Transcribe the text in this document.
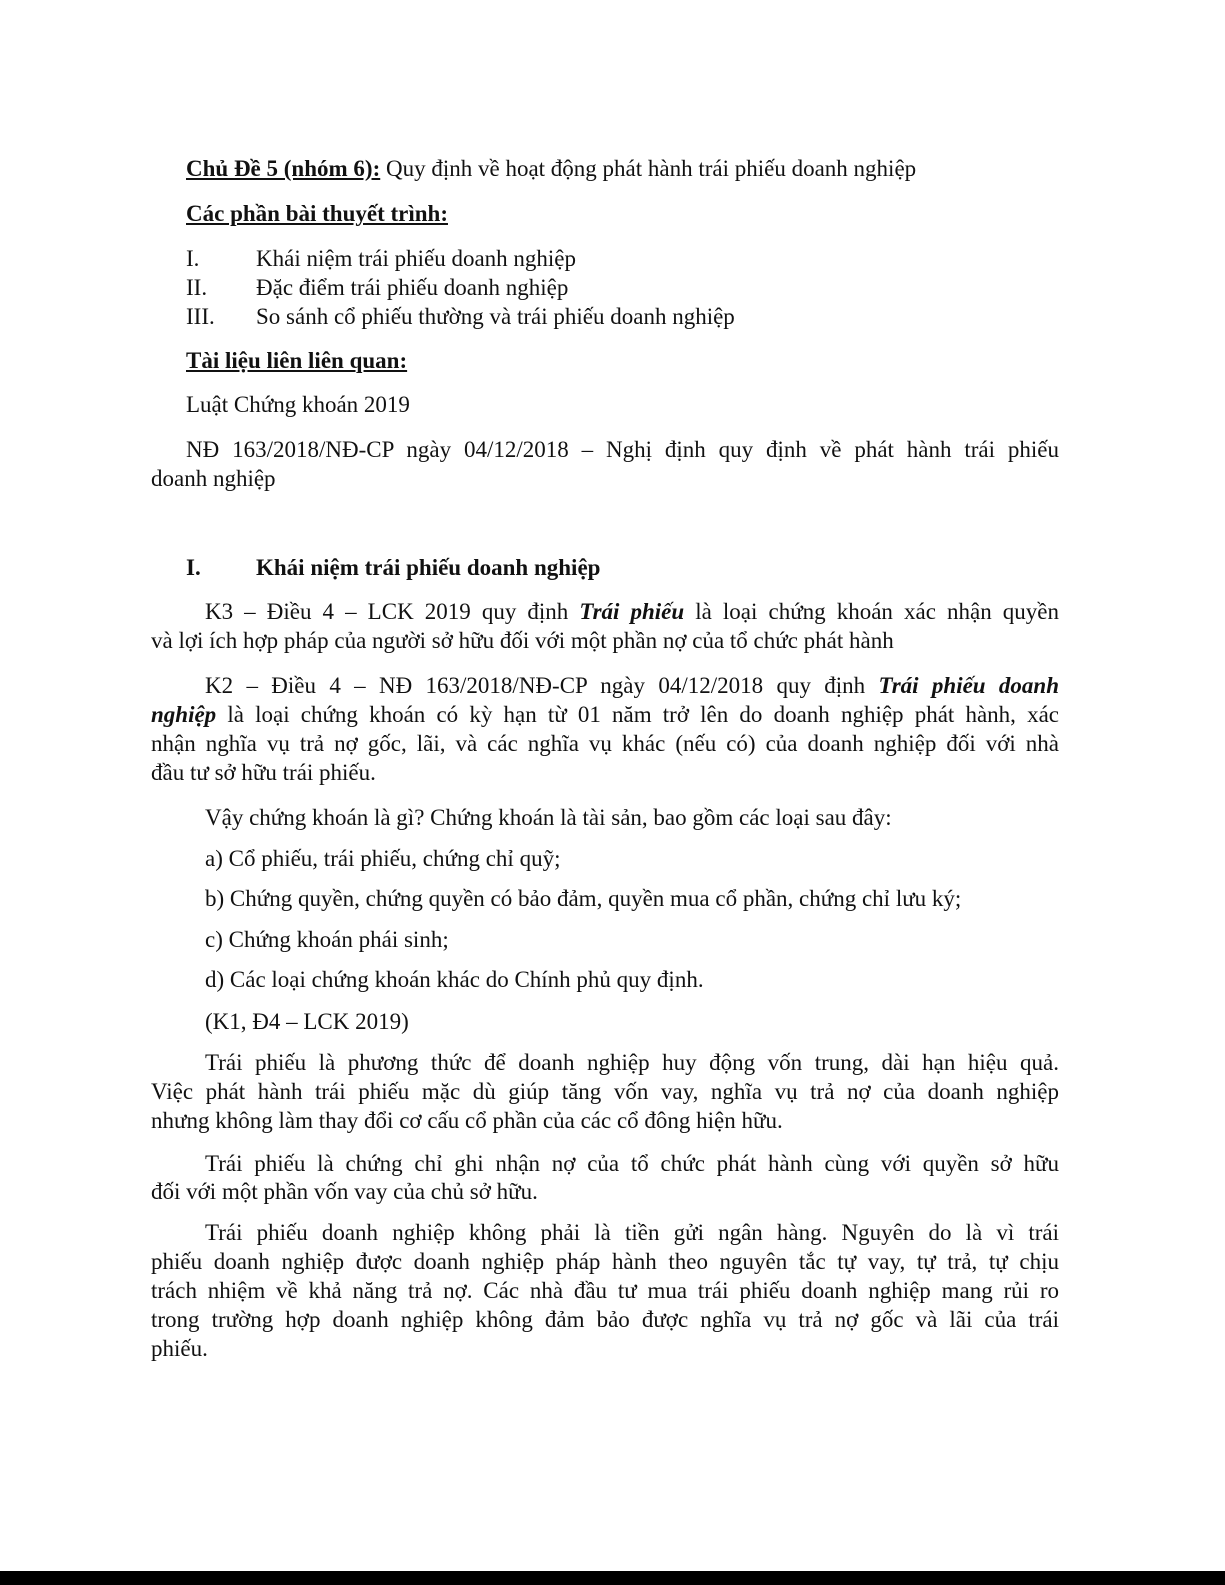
Chủ Đề 5 (nhóm 6): Quy định về hoạt động phát hành trái phiếu doanh nghiệp
Các phần bài thuyết trình:
I. Khái niệm trái phiếu doanh nghiệp
II. Đặc điểm trái phiếu doanh nghiệp
III. So sánh cổ phiếu thường và trái phiếu doanh nghiệp
Tài liệu liên liên quan:
Luật Chứng khoán 2019
NĐ 163/2018/NĐ-CP ngày 04/12/2018 – Nghị định quy định về phát hành trái phiếu
doanh nghiệp
I. Khái niệm trái phiếu doanh nghiệp
K3 – Điều 4 – LCK 2019 quy định Trái phiếu là loại chứng khoán xác nhận quyền
và lợi ích hợp pháp của người sở hữu đối với một phần nợ của tổ chức phát hành
K2 – Điều 4 – NĐ 163/2018/NĐ-CP ngày 04/12/2018 quy định Trái phiếu doanh
nghiệp là loại chứng khoán có kỳ hạn từ 01 năm trở lên do doanh nghiệp phát hành, xác
nhận nghĩa vụ trả nợ gốc, lãi, và các nghĩa vụ khác (nếu có) của doanh nghiệp đối với nhà
đầu tư sở hữu trái phiếu.
Vậy chứng khoán là gì? Chứng khoán là tài sản, bao gồm các loại sau đây:
a) Cổ phiếu, trái phiếu, chứng chỉ quỹ;
b) Chứng quyền, chứng quyền có bảo đảm, quyền mua cổ phần, chứng chỉ lưu ký;
c) Chứng khoán phái sinh;
d) Các loại chứng khoán khác do Chính phủ quy định.
(K1, Đ4 – LCK 2019)
Trái phiếu là phương thức để doanh nghiệp huy động vốn trung, dài hạn hiệu quả.
Việc phát hành trái phiếu mặc dù giúp tăng vốn vay, nghĩa vụ trả nợ của doanh nghiệp
nhưng không làm thay đổi cơ cấu cổ phần của các cổ đông hiện hữu.
Trái phiếu là chứng chỉ ghi nhận nợ của tổ chức phát hành cùng với quyền sở hữu
đối với một phần vốn vay của chủ sở hữu.
Trái phiếu doanh nghiệp không phải là tiền gửi ngân hàng. Nguyên do là vì trái
phiếu doanh nghiệp được doanh nghiệp pháp hành theo nguyên tắc tự vay, tự trả, tự chịu
trách nhiệm về khả năng trả nợ. Các nhà đầu tư mua trái phiếu doanh nghiệp mang rủi ro
trong trường hợp doanh nghiệp không đảm bảo được nghĩa vụ trả nợ gốc và lãi của trái
phiếu.
